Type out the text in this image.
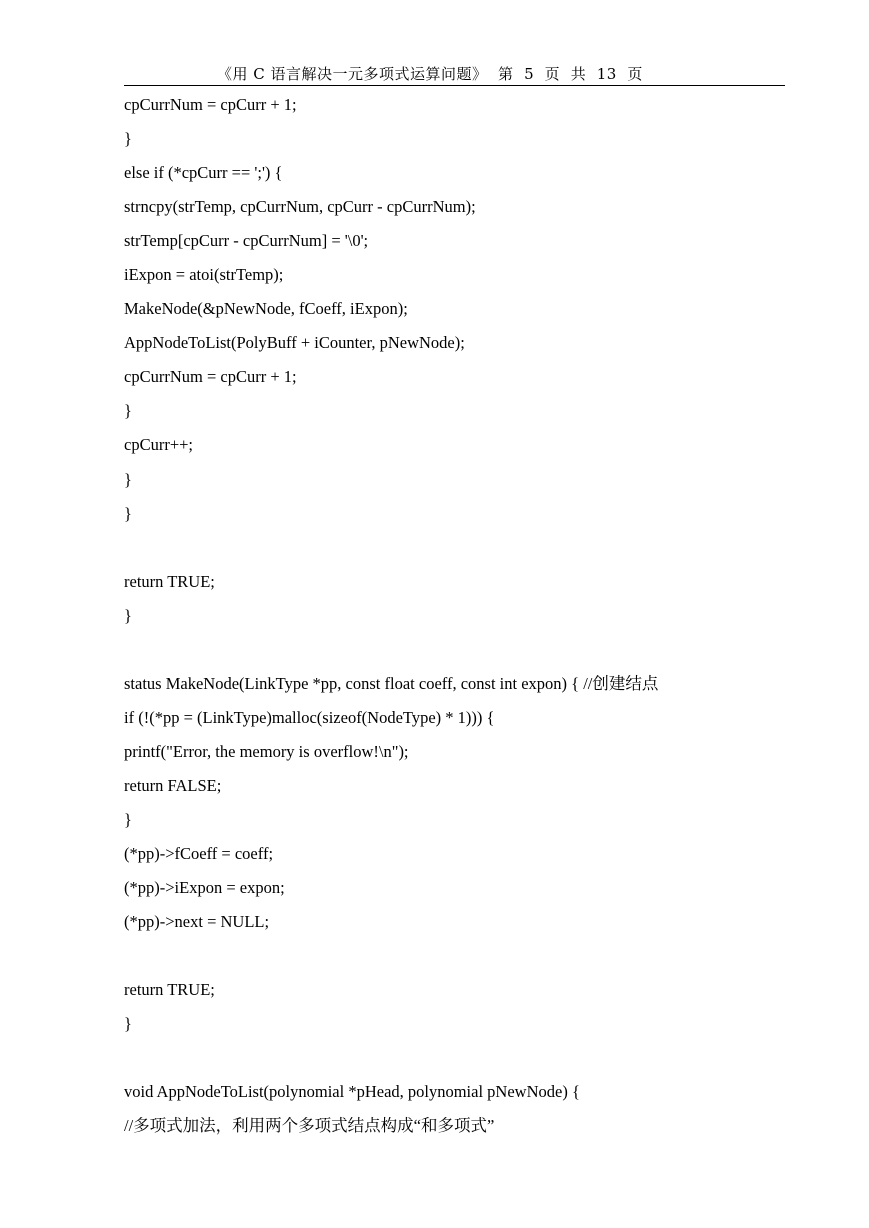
《用 C 语言解决一元多项式运算问题》  第  5  页  共  13  页
cpCurrNum = cpCurr + 1;
}
else if (*cpCurr == ';') {
strncpy(strTemp, cpCurrNum, cpCurr - cpCurrNum);
strTemp[cpCurr - cpCurrNum] = '\0';
iExpon = atoi(strTemp);
MakeNode(&pNewNode, fCoeff, iExpon);
AppNodeToList(PolyBuff + iCounter, pNewNode);
cpCurrNum = cpCurr + 1;
}
cpCurr++;
}
}
return TRUE;
}
status MakeNode(LinkType *pp, const float coeff, const int expon) { //创建结点
if (!(*pp = (LinkType)malloc(sizeof(NodeType) * 1))) {
printf("Error, the memory is overflow!\n");
return FALSE;
}
(*pp)->fCoeff = coeff;
(*pp)->iExpon = expon;
(*pp)->next = NULL;
return TRUE;
}
void AppNodeToList(polynomial *pHead, polynomial pNewNode) {
//多项式加法，利用两个多项式结点构成“和多项式”
